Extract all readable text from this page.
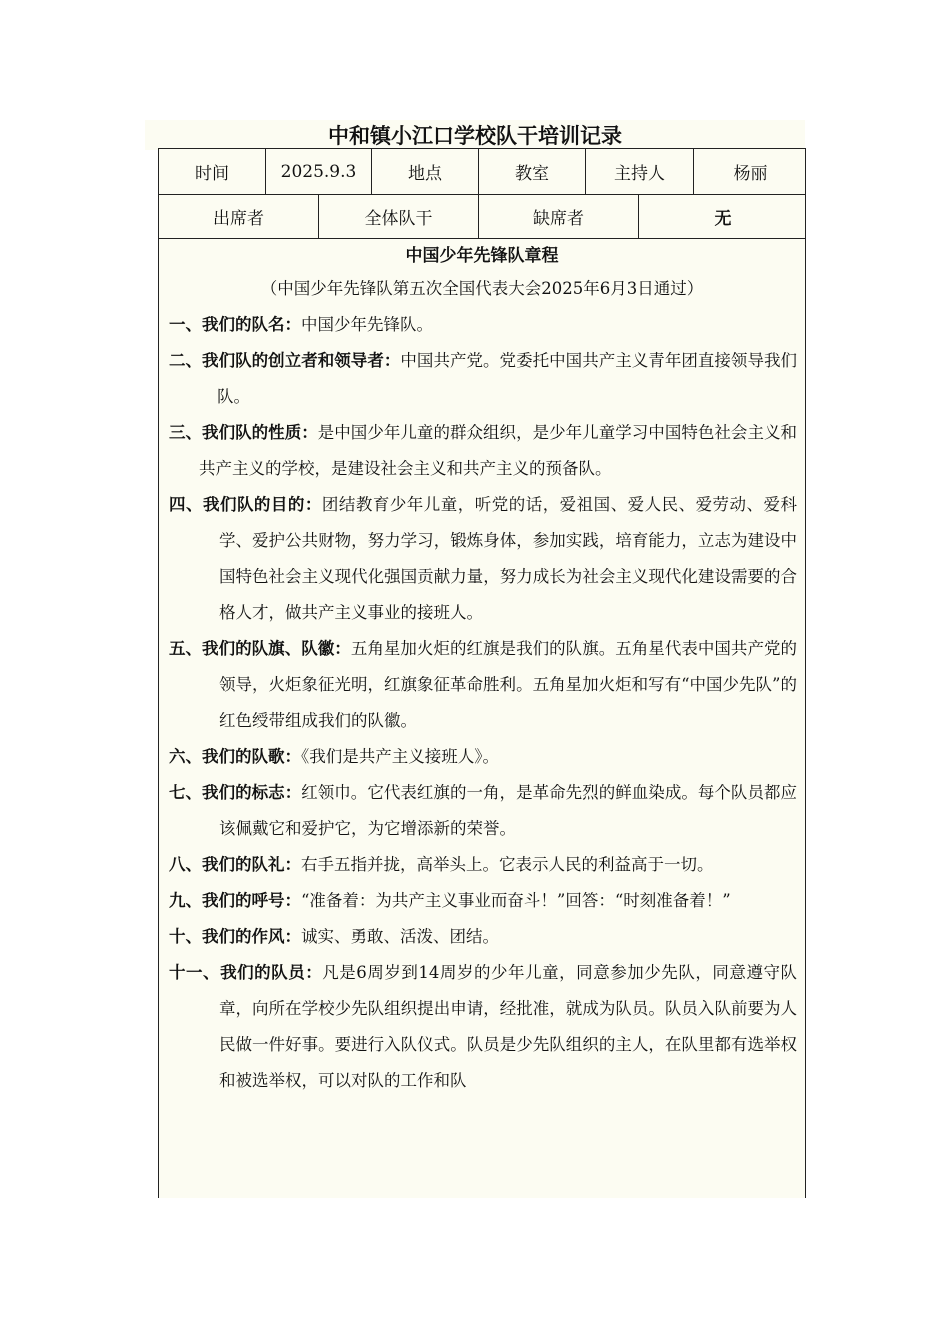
中和镇小江口学校队干培训记录
时间	2025.9.3	地点	教室	主持人	杨丽
出席者	全体队干	缺席者	无
中国少年先锋队章程
（中国少年先锋队第五次全国代表大会2025年6月3日通过）
一、我们的队名：中国少年先锋队。
二、我们队的创立者和领导者：中国共产党。党委托中国共产主义青年团直接领导我们队。
三、我们队的性质：是中国少年儿童的群众组织，是少年儿童学习中国特色社会主义和共产主义的学校，是建设社会主义和共产主义的预备队。
四、我们队的目的：团结教育少年儿童，听党的话，爱祖国、爱人民、爱劳动、爱科学、爱护公共财物，努力学习，锻炼身体，参加实践，培育能力，立志为建设中国特色社会主义现代化强国贡献力量，努力成长为社会主义现代化建设需要的合格人才，做共产主义事业的接班人。
五、我们的队旗、队徽：五角星加火炬的红旗是我们的队旗。五角星代表中国共产党的领导，火炬象征光明，红旗象征革命胜利。五角星加火炬和写有“中国少先队”的红色绶带组成我们的队徽。
六、我们的队歌：《我们是共产主义接班人》。
七、我们的标志：红领巾。它代表红旗的一角，是革命先烈的鲜血染成。每个队员都应该佩戴它和爱护它，为它增添新的荣誉。
八、我们的队礼：右手五指并拢，高举头上。它表示人民的利益高于一切。
九、我们的呼号：“准备着：为共产主义事业而奋斗！”回答：“时刻准备着！”
十、我们的作风：诚实、勇敢、活泼、团结。
十一、我们的队员：凡是6周岁到14周岁的少年儿童，同意参加少先队，同意遵守队章，向所在学校少先队组织提出申请，经批准，就成为队员。队员入队前要为人民做一件好事。要进行入队仪式。队员是少先队组织的主人，在队里都有选举权和被选举权，可以对队的工作和队
